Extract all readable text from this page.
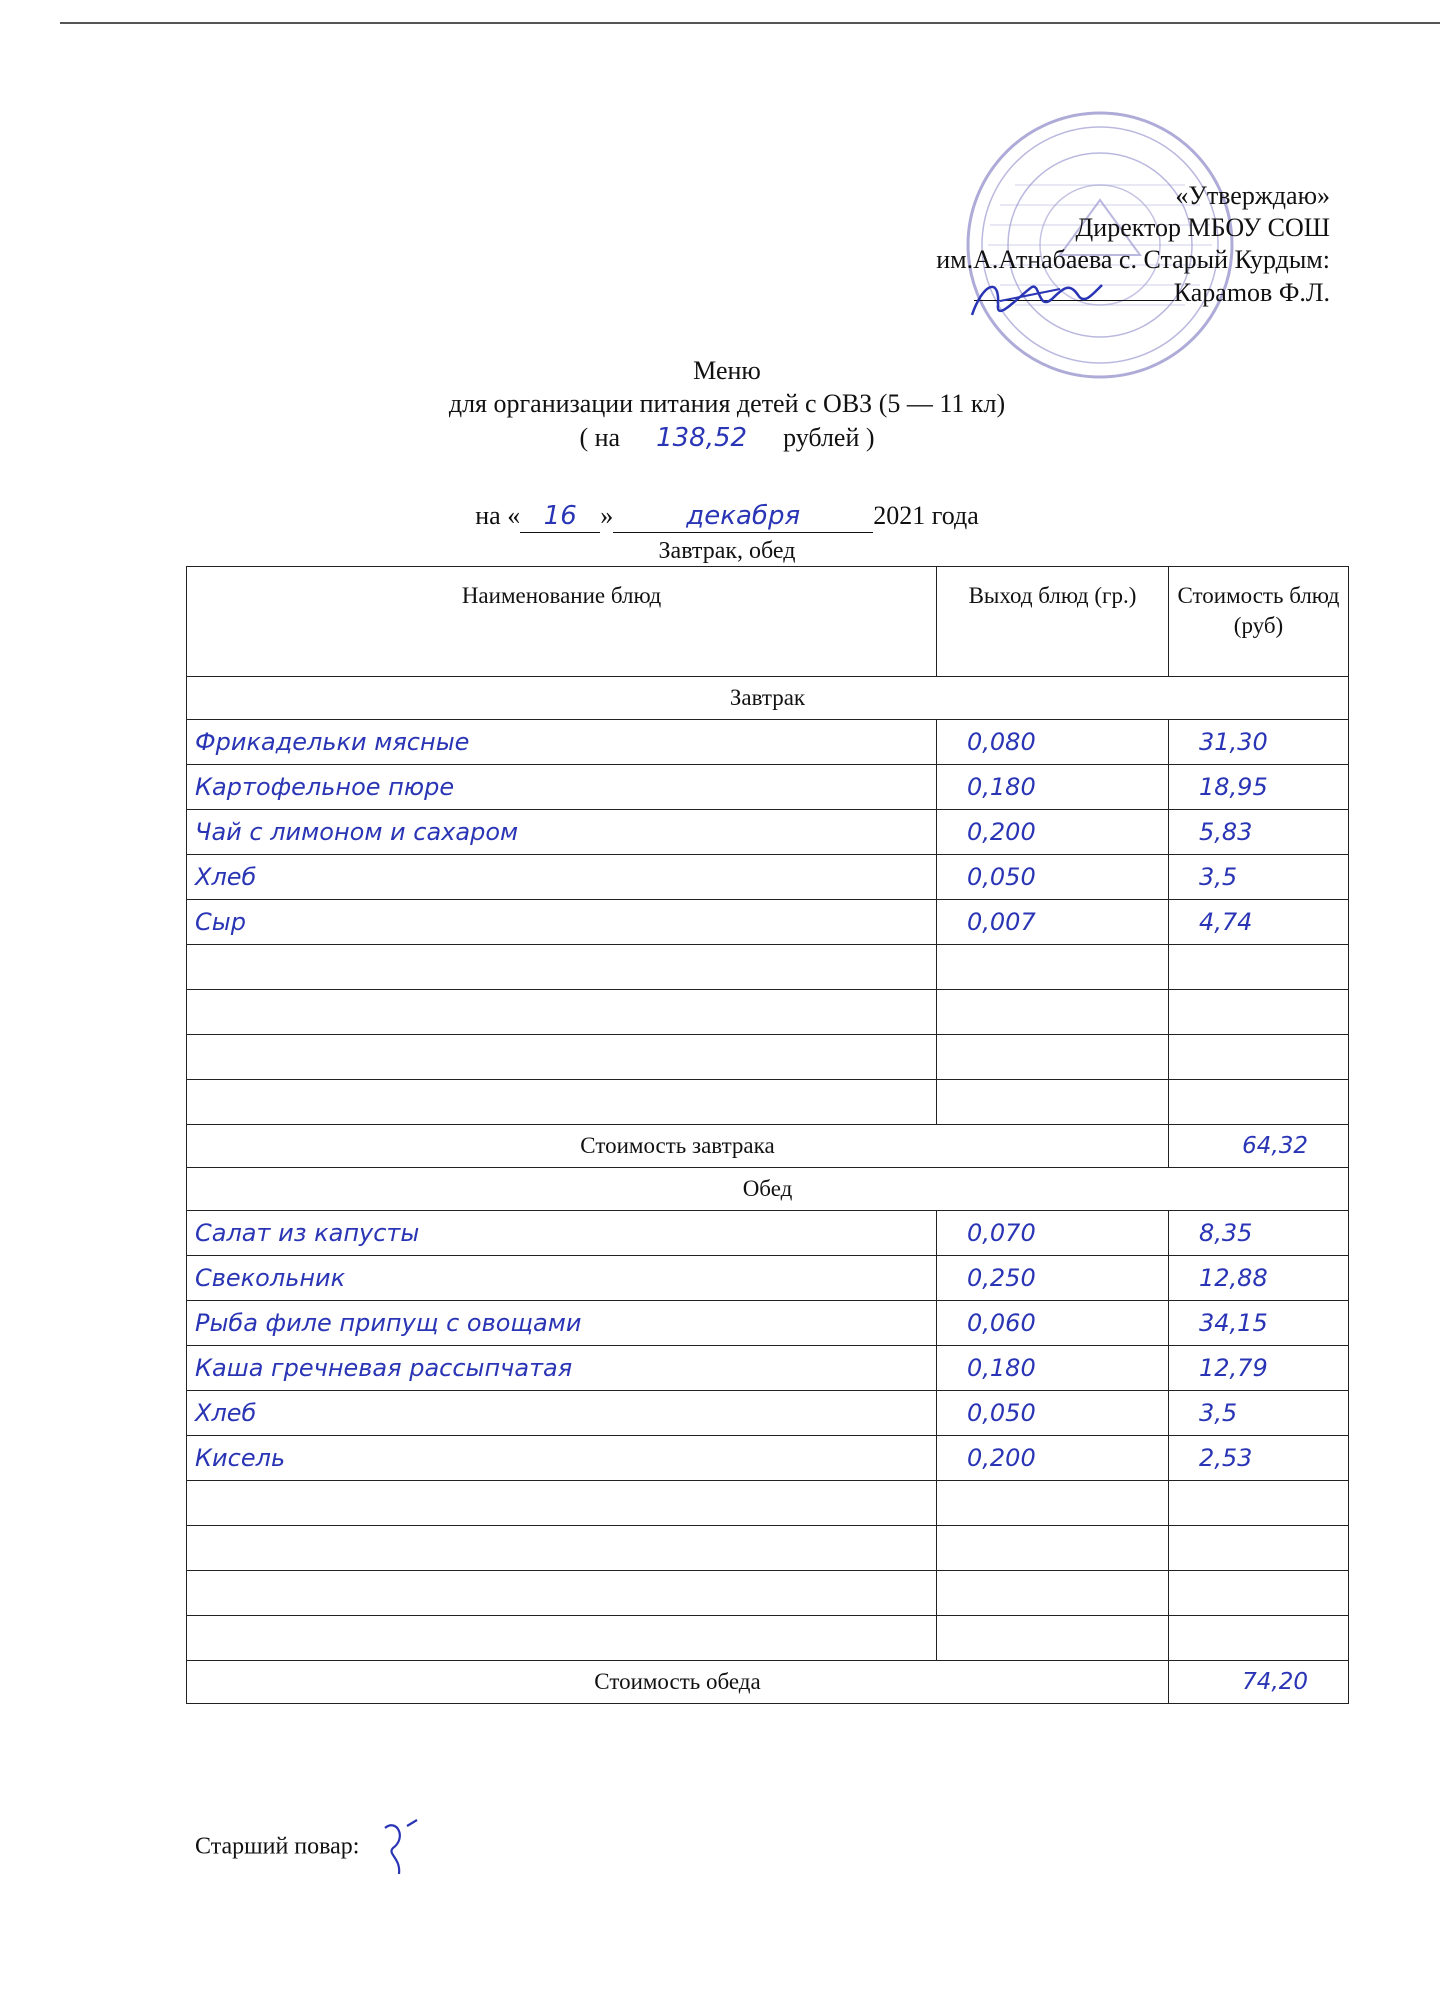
«Утверждаю»
Директор МБОУ СОШ
им.А.Атнабаева с. Старый Курдым:
Караmов Ф.Л.
Меню
для организации питания детей с ОВЗ (5 — 11 кл)
( на 138,52 рублей )
на « 16 »	декабря	2021 года
Завтрак, обед
Наименование блюд	Выход блюд (гр.)	Стоимость блюд (руб)
Завтрак		
Фрикадельки мясные	0,080	31,30
Картофельное пюре	0,180	18,95
Чай с лимоном и сахаром	0,200	5,83
Хлеб	0,050	3,5
Сыр	0,007	4,74

Стоимость завтрака		64,32
Обед		
Салат из капусты	0,070	8,35
Свекольник	0,250	12,88
Рыба филе припущ с овощами	0,060	34,15
Каша гречневая рассыпчатая	0,180	12,79
Хлеб	0,050	3,5
Кисель	0,200	2,53

Стоимость обеда		74,20
Старший повар:
